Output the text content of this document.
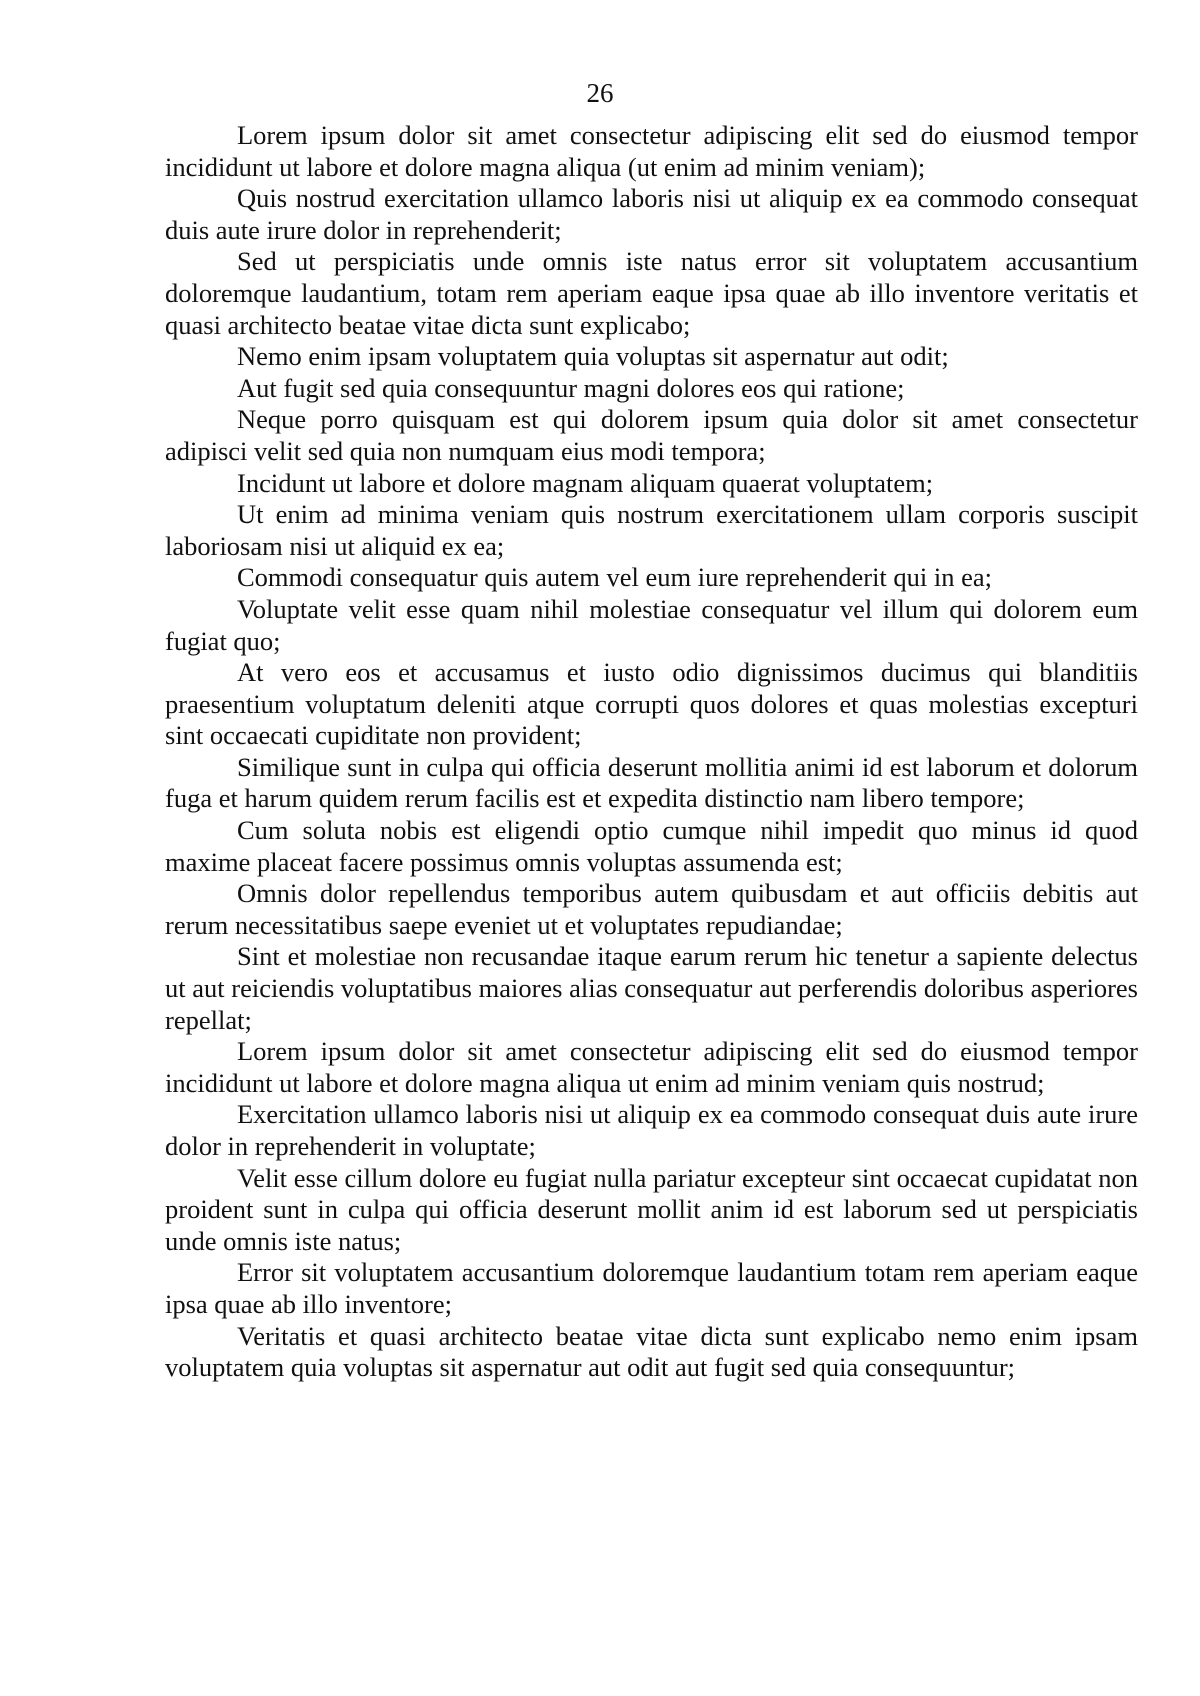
26

Lorem ipsum dolor sit amet consectetur adipiscing elit sed do eiusmod tempor incididunt ut labore et dolore magna aliqua (ut enim ad minim veniam);

Quis nostrud exercitation ullamco laboris nisi ut aliquip ex ea commodo consequat duis aute irure dolor in reprehenderit;

Sed ut perspiciatis unde omnis iste natus error sit voluptatem accusantium doloremque laudantium, totam rem aperiam eaque ipsa quae ab illo inventore veritatis et quasi architecto beatae vitae dicta sunt explicabo;

Nemo enim ipsam voluptatem quia voluptas sit aspernatur aut odit;

Aut fugit sed quia consequuntur magni dolores eos qui ratione;

Neque porro quisquam est qui dolorem ipsum quia dolor sit amet consectetur adipisci velit sed quia non numquam eius modi tempora;

Incidunt ut labore et dolore magnam aliquam quaerat voluptatem;

Ut enim ad minima veniam quis nostrum exercitationem ullam corporis suscipit laboriosam nisi ut aliquid ex ea;

Commodi consequatur quis autem vel eum iure reprehenderit qui in ea;

Voluptate velit esse quam nihil molestiae consequatur vel illum qui dolorem eum fugiat quo;

At vero eos et accusamus et iusto odio dignissimos ducimus qui blanditiis praesentium voluptatum deleniti atque corrupti quos dolores et quas molestias excepturi sint occaecati cupiditate non provident;

Similique sunt in culpa qui officia deserunt mollitia animi id est laborum et dolorum fuga et harum quidem rerum facilis est et expedita distinctio nam libero tempore;

Cum soluta nobis est eligendi optio cumque nihil impedit quo minus id quod maxime placeat facere possimus omnis voluptas assumenda est;

Omnis dolor repellendus temporibus autem quibusdam et aut officiis debitis aut rerum necessitatibus saepe eveniet ut et voluptates repudiandae;

Sint et molestiae non recusandae itaque earum rerum hic tenetur a sapiente delectus ut aut reiciendis voluptatibus maiores alias consequatur aut perferendis doloribus asperiores repellat;

Lorem ipsum dolor sit amet consectetur adipiscing elit sed do eiusmod tempor incididunt ut labore et dolore magna aliqua ut enim ad minim veniam quis nostrud;

Exercitation ullamco laboris nisi ut aliquip ex ea commodo consequat duis aute irure dolor in reprehenderit in voluptate;

Velit esse cillum dolore eu fugiat nulla pariatur excepteur sint occaecat cupidatat non proident sunt in culpa qui officia deserunt mollit anim id est laborum sed ut perspiciatis unde omnis iste natus;

Error sit voluptatem accusantium doloremque laudantium totam rem aperiam eaque ipsa quae ab illo inventore;

Veritatis et quasi architecto beatae vitae dicta sunt explicabo nemo enim ipsam voluptatem quia voluptas sit aspernatur aut odit aut fugit sed quia consequuntur;
